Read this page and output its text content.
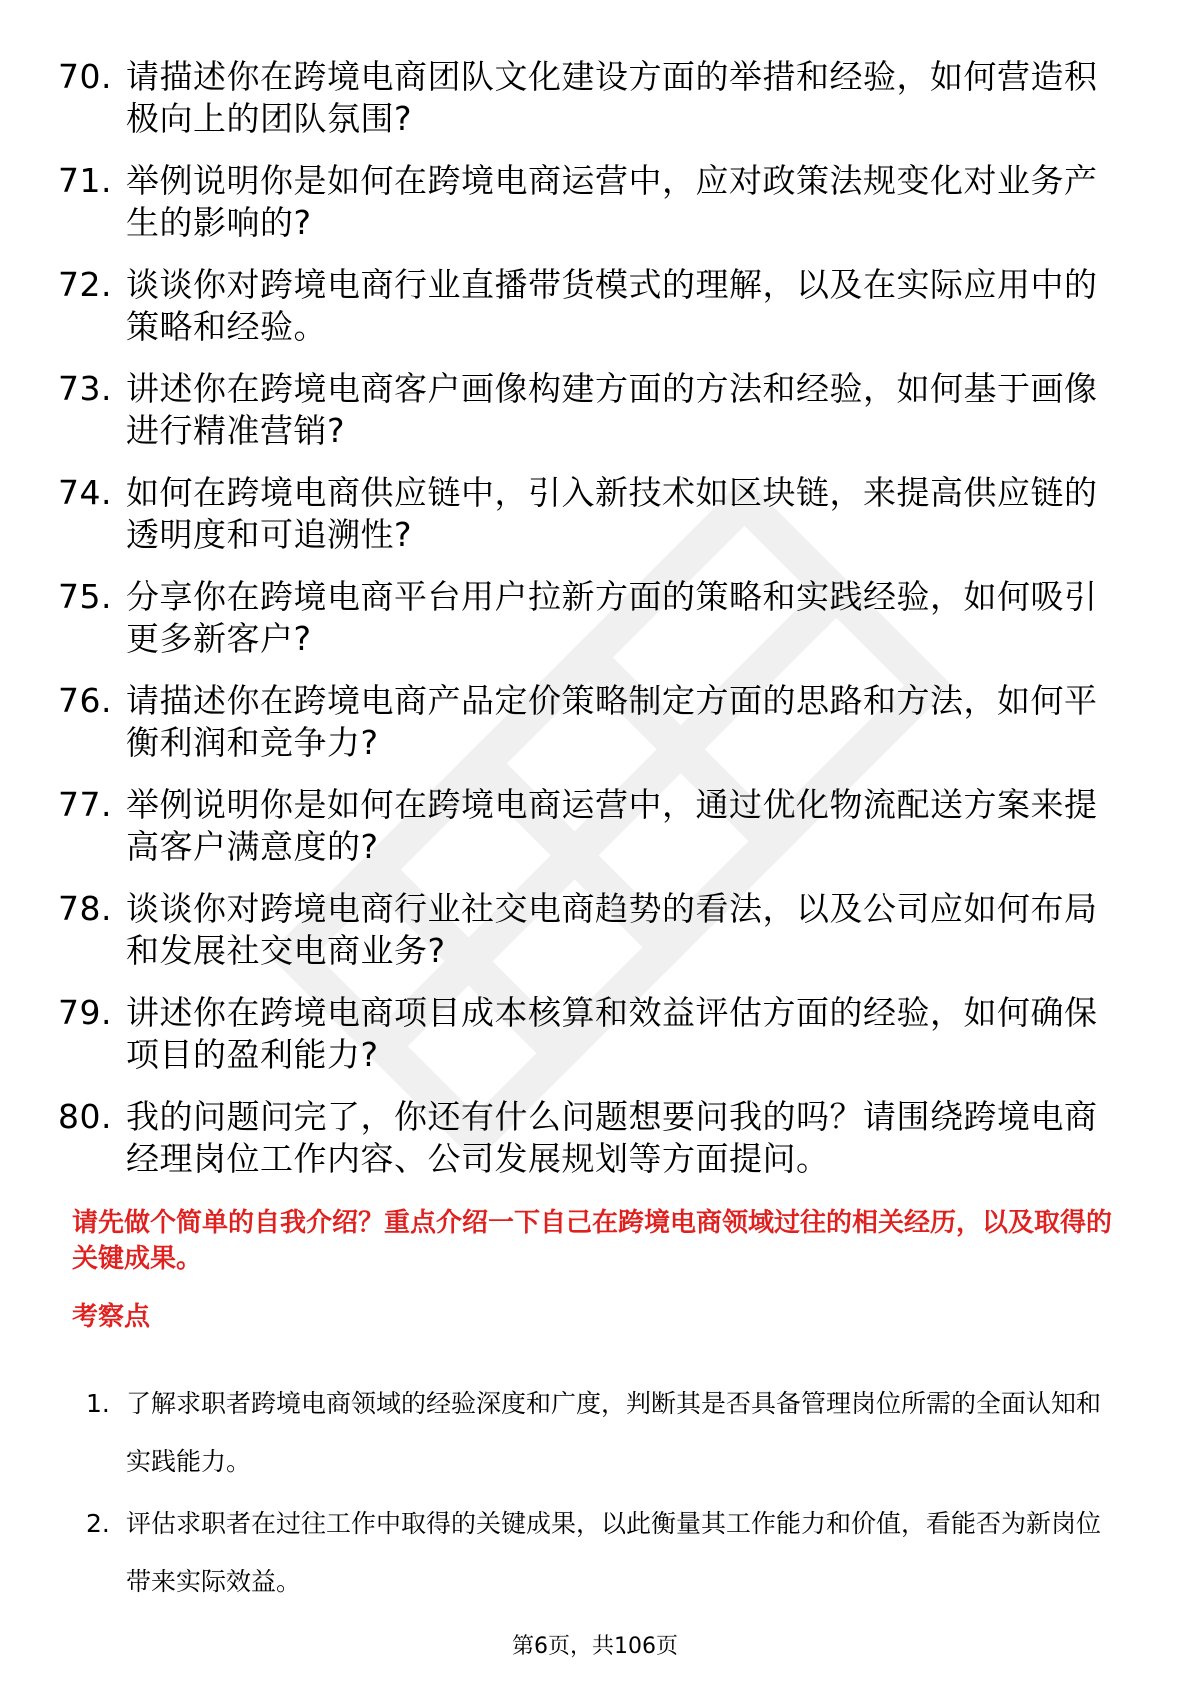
70. 请描述你在跨境电商团队文化建设方面的举措和经验，如何营造积极向上的团队氛围?
71. 举例说明你是如何在跨境电商运营中，应对政策法规变化对业务产生的影响的?
72. 谈谈你对跨境电商行业直播带货模式的理解，以及在实际应用中的策略和经验。
73. 讲述你在跨境电商客户画像构建方面的方法和经验，如何基于画像进行精准营销?
74. 如何在跨境电商供应链中，引入新技术如区块链，来提高供应链的透明度和可追溯性?
75. 分享你在跨境电商平台用户拉新方面的策略和实践经验，如何吸引更多新客户?
76. 请描述你在跨境电商产品定价策略制定方面的思路和方法，如何平衡利润和竞争力?
77. 举例说明你是如何在跨境电商运营中，通过优化物流配送方案来提高客户满意度的?
78. 谈谈你对跨境电商行业社交电商趋势的看法，以及公司应如何布局和发展社交电商业务?
79. 讲述你在跨境电商项目成本核算和效益评估方面的经验，如何确保项目的盈利能力?
80. 我的问题问完了，你还有什么问题想要问我的吗？请围绕跨境电商经理岗位工作内容、公司发展规划等方面提问。

请先做个简单的自我介绍？重点介绍一下自己在跨境电商领域过往的相关经历，以及取得的关键成果。

考察点
1. 了解求职者跨境电商领域的经验深度和广度，判断其是否具备管理岗位所需的全面认知和实践能力。
2. 评估求职者在过往工作中取得的关键成果，以此衡量其工作能力和价值，看能否为新岗位带来实际效益。
第6页，共106页
